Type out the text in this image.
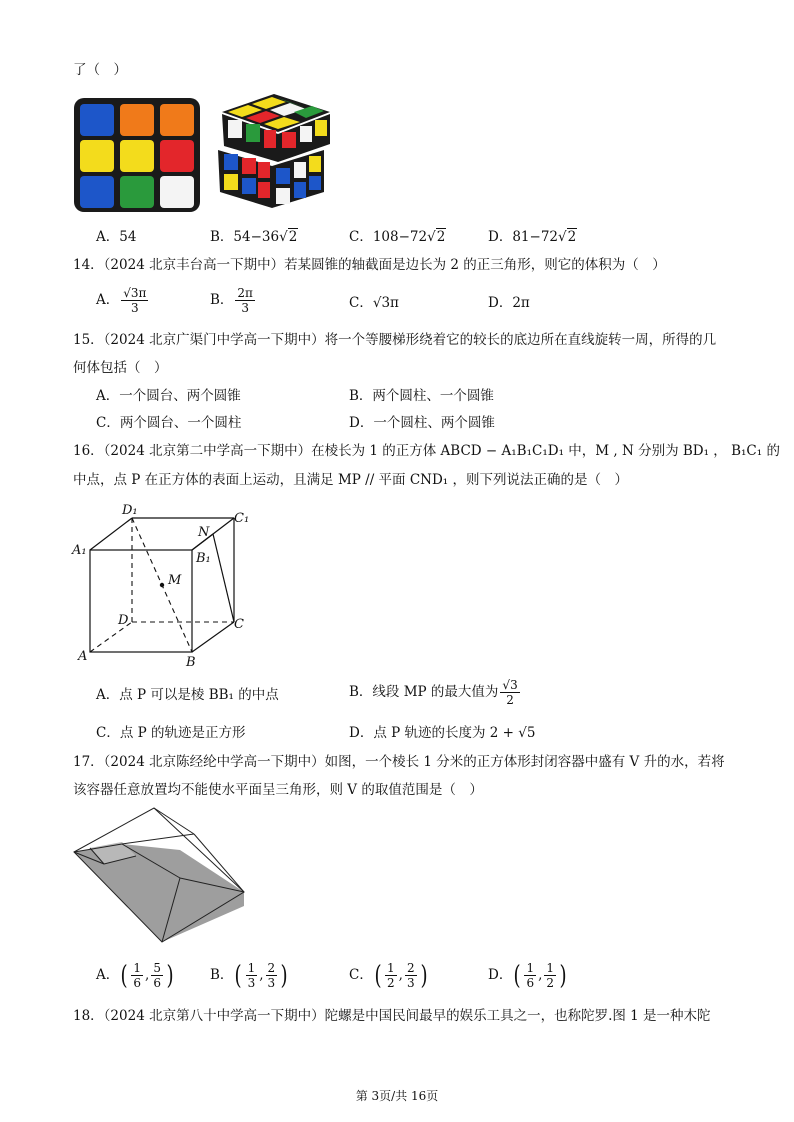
了（　）
A．54	B．54−36√2	C．108−72√2	D．81−72√2
14．（2024 北京丰台高一下期中）若某圆锥的轴截面是边长为 2 的正三角形，则它的体积为（　）
A． $\frac{√3\pi}{3}$	B． $\frac{2\pi}{3}$	C．√3π	D．2π
15．（2024 北京广渠门中学高一下期中）将一个等腰梯形绕着它的较长的底边所在直线旋转一周，所得的几
何体包括（　）
A．一个圆台、两个圆锥	B．两个圆柱、一个圆锥
C．两个圆台、一个圆柱	D．一个圆柱、两个圆锥
16．（2024 北京第二中学高一下期中）在棱长为 1 的正方体 ABCD − A₁B₁C₁D₁ 中，M , N 分别为 BD₁ ， B₁C₁ 的
中点，点 P 在正方体的表面上运动，且满足 MP // 平面 CND₁ ，则下列说法正确的是（　）
D₁
C₁
A₁
B₁
N
M
D	C
A	B
A．点 P 可以是棱 BB₁ 的中点	B．线段 MP 的最大值为 $\frac{√3}{2}$
C．点 P 的轨迹是正方形	D．点 P 轨迹的长度为 2 + √5
17．（2024 北京陈经纶中学高一下期中）如图，一个棱长 1 分米的正方体形封闭容器中盛有 V 升的水，若将
该容器任意放置均不能使水平面呈三角形，则 V 的取值范围是（　）
A．( $\frac{1}{6}$ , $\frac{5}{6}$ )	B．( $\frac{1}{3}$ , $\frac{2}{3}$ )	C．( $\frac{1}{2}$ , $\frac{2}{3}$ )	D．( $\frac{1}{6}$ , $\frac{1}{2}$ )
18．（2024 北京第八十中学高一下期中）陀螺是中国民间最早的娱乐工具之一，也称陀罗.图 1 是一种木陀
第 3页/共 16页
